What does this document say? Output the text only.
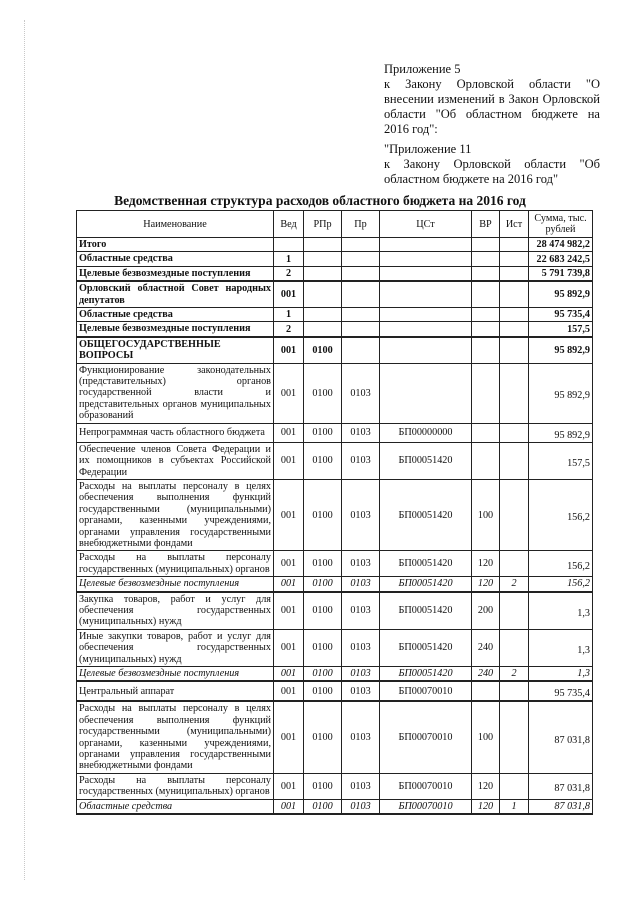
Приложение 5
к Закону Орловской области "О внесении изменений в Закон Орловской области "Об областном бюджете на 2016 год":
"Приложение 11
к Закону Орловской области "Об областном бюджете на 2016 год"
Ведомственная структура расходов областного бюджета на 2016 год
Наименование	Вед	РПр	Пр	ЦСт	ВР	Ист	Сумма, тыс. рублей
Итого							28 474 982,2
Областные средства	1						22 683 242,5
Целевые безвозмездные поступления	2						5 791 739,8
Орловский областной Совет народных депутатов	001						95 892,9
Областные средства	1						95 735,4
Целевые безвозмездные поступления	2						157,5
ОБЩЕГОСУДАРСТВЕННЫЕ ВОПРОСЫ	001	0100					95 892,9
Функционирование законодательных (представительных) органов государственной власти и представительных органов муниципальных образований	001	0100	0103				95 892,9
Непрограммная часть областного бюджета	001	0100	0103	БП00000000			95 892,9
Обеспечение членов Совета Федерации и их помощников в субъектах Российской Федерации	001	0100	0103	БП00051420			157,5
Расходы на выплаты персоналу в целях обеспечения выполнения функций государственными (муниципальными) органами, казенными учреждениями, органами управления государственными внебюджетными фондами	001	0100	0103	БП00051420	100		156,2
Расходы на выплаты персоналу государственных (муниципальных) органов	001	0100	0103	БП00051420	120		156,2
Целевые безвозмездные поступления	001	0100	0103	БП00051420	120	2	156,2
Закупка товаров, работ и услуг для обеспечения государственных (муниципальных) нужд	001	0100	0103	БП00051420	200		1,3
Иные закупки товаров, работ и услуг для обеспечения государственных (муниципальных) нужд	001	0100	0103	БП00051420	240		1,3
Целевые безвозмездные поступления	001	0100	0103	БП00051420	240	2	1,3
Центральный аппарат	001	0100	0103	БП00070010			95 735,4
Расходы на выплаты персоналу в целях обеспечения выполнения функций государственными (муниципальными) органами, казенными учреждениями, органами управления государственными внебюджетными фондами	001	0100	0103	БП00070010	100		87 031,8
Расходы на выплаты персоналу государственных (муниципальных) органов	001	0100	0103	БП00070010	120		87 031,8
Областные средства	001	0100	0103	БП00070010	120	1	87 031,8
